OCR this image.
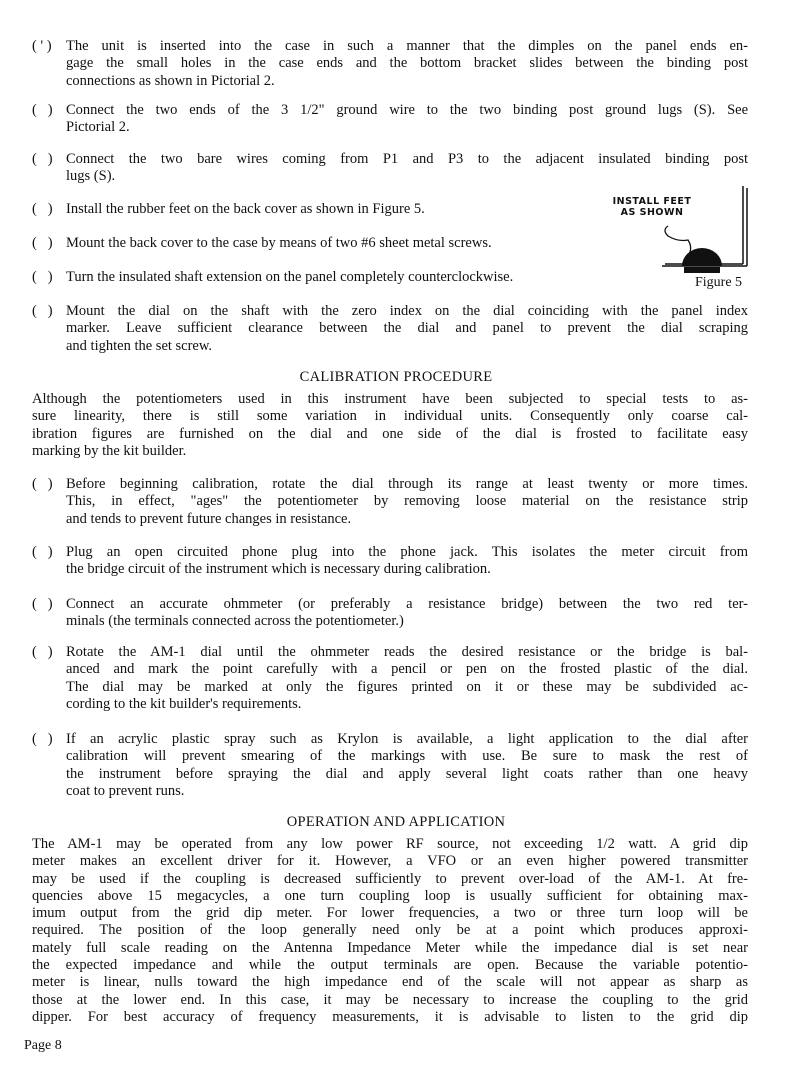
( ' ) The unit is inserted into the case in such a manner that the dimples on the panel ends en-
gage the small holes in the case ends and the bottom bracket slides between the binding post
connections as shown in Pictorial 2.
(   ) Connect the two ends of the 3 1/2" ground wire to the two binding post ground lugs (S). See
Pictorial 2.
(   ) Connect the two bare wires coming from P1 and P3 to the adjacent insulated binding post
lugs (S).
(   ) Install the rubber feet on the back cover as shown in Figure 5.
(   ) Mount the back cover to the case by means of two #6 sheet metal screws.
(   ) Turn the insulated shaft extension on the panel completely counterclockwise.
(   ) Mount the dial on the shaft with the zero index on the dial coinciding with the panel index
marker. Leave sufficient clearance between the dial and panel to prevent the dial scraping
and tighten the set screw.
INSTALL FEET
AS SHOWN
Figure 5
CALIBRATION PROCEDURE
Although the potentiometers used in this instrument have been subjected to special tests to as-
sure linearity, there is still some variation in individual units. Consequently only coarse cal-
ibration figures are furnished on the dial and one side of the dial is frosted to facilitate easy
marking by the kit builder.
(   ) Before beginning calibration, rotate the dial through its range at least twenty or more times.
This, in effect, "ages" the potentiometer by removing loose material on the resistance strip
and tends to prevent future changes in resistance.
(   ) Plug an open circuited phone plug into the phone jack. This isolates the meter circuit from
the bridge circuit of the instrument which is necessary during calibration.
(   ) Connect an accurate ohmmeter (or preferably a resistance bridge) between the two red ter-
minals (the terminals connected across the potentiometer.)
(   ) Rotate the AM-1 dial until the ohmmeter reads the desired resistance or the bridge is bal-
anced and mark the point carefully with a pencil or pen on the frosted plastic of the dial.
The dial may be marked at only the figures printed on it or these may be subdivided ac-
cording to the kit builder's requirements.
(   ) If an acrylic plastic spray such as Krylon is available, a light application to the dial after
calibration will prevent smearing of the markings with use. Be sure to mask the rest of
the instrument before spraying the dial and apply several light coats rather than one heavy
coat to prevent runs.
OPERATION AND APPLICATION
The AM-1 may be operated from any low power RF source, not exceeding 1/2 watt. A grid dip
meter makes an excellent driver for it. However, a VFO or an even higher powered transmitter
may be used if the coupling is decreased sufficiently to prevent over-load of the AM-1. At fre-
quencies above 15 megacycles, a one turn coupling loop is usually sufficient for obtaining max-
imum output from the grid dip meter. For lower frequencies, a two or three turn loop will be
required. The position of the loop generally need only be at a point which produces approxi-
mately full scale reading on the Antenna Impedance Meter while the impedance dial is set near
the expected impedance and while the output terminals are open. Because the variable potentio-
meter is linear, nulls toward the high impedance end of the scale will not appear as sharp as
those at the lower end. In this case, it may be necessary to increase the coupling to the grid
dipper. For best accuracy of frequency measurements, it is advisable to listen to the grid dip
Page 8
